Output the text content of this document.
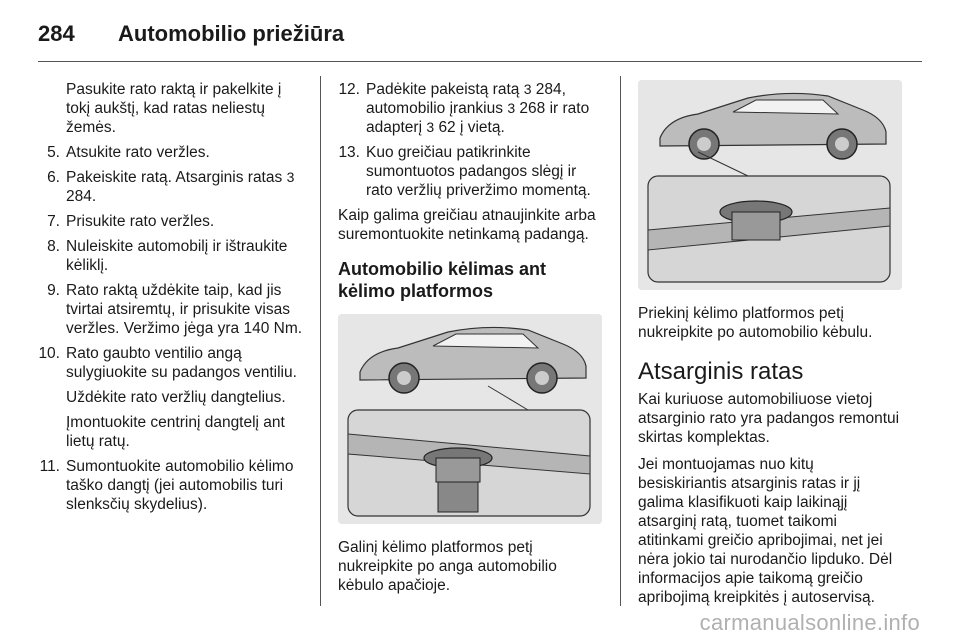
284	Automobilio priežiūra

Pasukite rato raktą ir pakelkite į tokį aukštį, kad ratas neliestų žemės.

5. Atsukite rato veržles.
6. Pakeiskite ratą. Atsarginis ratas 3 284.
7. Prisukite rato veržles.
8. Nuleiskite automobilį ir ištraukite kėliklį.
9. Rato raktą uždėkite taip, kad jis tvirtai atsiremtų, ir prisukite visas veržles. Veržimo jėga yra 140 Nm.
10. Rato gaubto ventilio angą sulygiuokite su padangos ventiliu.

Uždėkite rato veržlių dangtelius.

Įmontuokite centrinį dangtelį ant lietų ratų.

11. Sumontuokite automobilio kėlimo taško dangtį (jei automobilis turi slenksčių skydelius).
12. Padėkite pakeistą ratą 3 284, automobilio įrankius 3 268 ir rato adapterį 3 62 į vietą.
13. Kuo greičiau patikrinkite sumontuotos padangos slėgį ir rato veržlių priveržimo momentą.

Kaip galima greičiau atnaujinkite arba suremontuokite netinkamą padangą.

Automobilio kėlimas ant kėlimo platformos

Galinį kėlimo platformos petį nukreipkite po anga automobilio kėbulo apačioje.

Priekinį kėlimo platformos petį nukreipkite po automobilio kėbulu.

Atsarginis ratas

Kai kuriuose automobiliuose vietoj atsarginio rato yra padangos remontui skirtas komplektas.

Jei montuojamas nuo kitų besiskiriantis atsarginis ratas ir jį galima klasifikuoti kaip laikinąjį atsarginį ratą, tuomet taikomi atitinkami greičio apribojimai, net jei nėra jokio tai nurodančio lipduko. Dėl informacijos apie taikomą greičio apribojimą kreipkitės į autoservisą.

carmanualsonline.info
